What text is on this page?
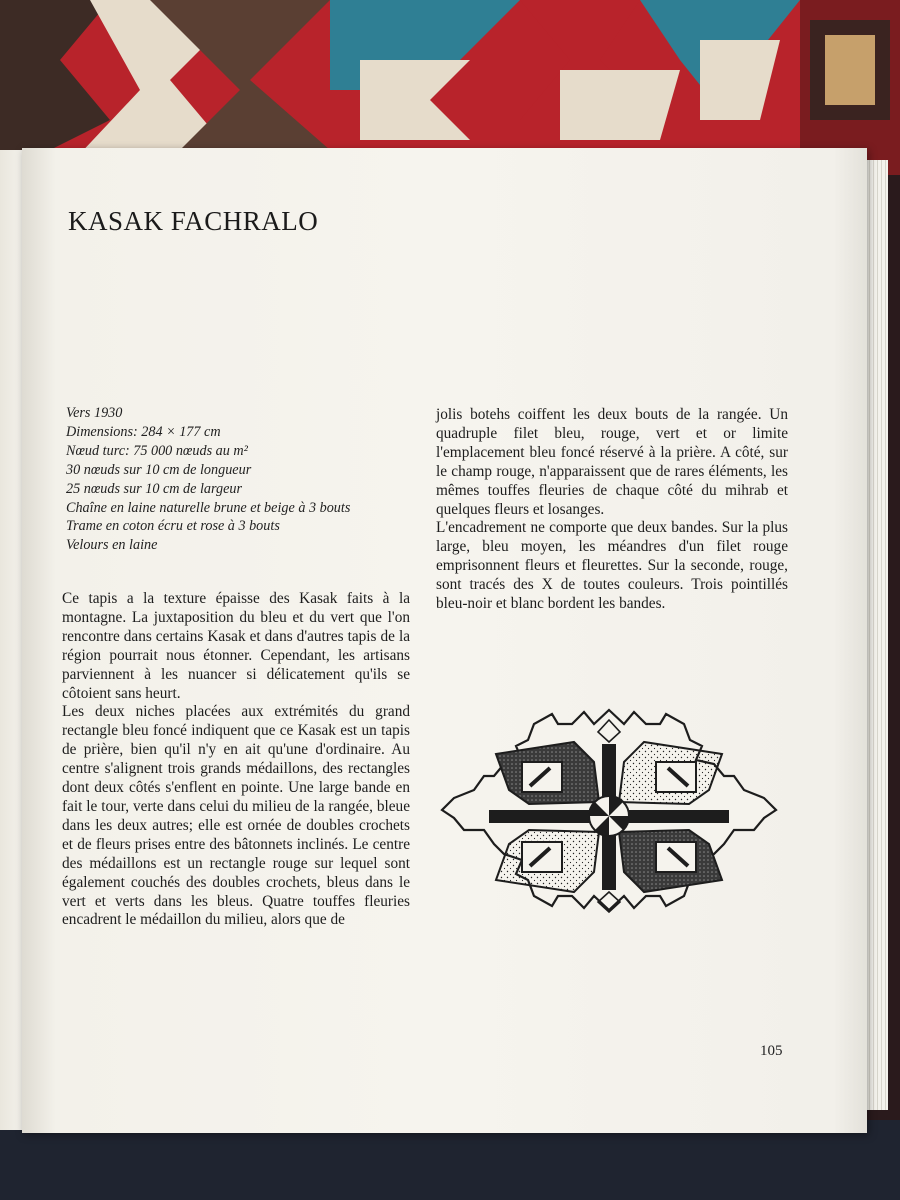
KASAK FACHRALO
Vers 1930
Dimensions: 284 × 177 cm
Nœud turc: 75 000 nœuds au m²
30 nœuds sur 10 cm de longueur
25 nœuds sur 10 cm de largeur
Chaîne en laine naturelle brune et beige à 3 bouts
Trame en coton écru et rose à 3 bouts
Velours en laine

Ce tapis a la texture épaisse des Kasak faits à la montagne. La juxtaposition du bleu et du vert que l'on rencontre dans certains Kasak et dans d'autres tapis de la région pourrait nous étonner. Cependant, les artisans parviennent à les nuancer si délicatement qu'ils se côtoient sans heurt.

Les deux niches placées aux extrémités du grand rectangle bleu foncé indiquent que ce Kasak est un tapis de prière, bien qu'il n'y en ait qu'une d'ordinaire. Au centre s'alignent trois grands médaillons, des rectangles dont deux côtés s'enflent en pointe. Une large bande en fait le tour, verte dans celui du milieu de la rangée, bleue dans les deux autres; elle est ornée de doubles crochets et de fleurs prises entre des bâtonnets inclinés. Le centre des médaillons est un rectangle rouge sur lequel sont également couchés des doubles crochets, bleus dans le vert et verts dans les bleus. Quatre touffes fleuries encadrent le médaillon du milieu, alors que de

jolis botehs coiffent les deux bouts de la rangée. Un quadruple filet bleu, rouge, vert et or limite l'emplacement bleu foncé réservé à la prière. A côté, sur le champ rouge, n'apparaissent que de rares éléments, les mêmes touffes fleuries de chaque côté du mihrab et quelques fleurs et losanges.

L'encadrement ne comporte que deux bandes. Sur la plus large, bleu moyen, les méandres d'un filet rouge emprisonnent fleurs et fleurettes. Sur la seconde, rouge, sont tracés des X de toutes couleurs. Trois pointillés bleu-noir et blanc bordent les bandes.

105
